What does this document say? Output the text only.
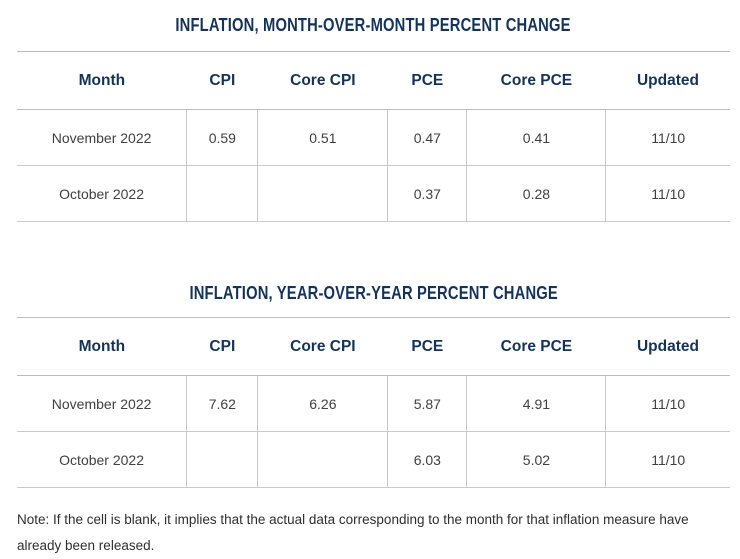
INFLATION, MONTH-OVER-MONTH PERCENT CHANGE
Month	CPI	Core CPI	PCE	Core PCE	Updated
November 2022	0.59	0.51	0.47	0.41	11/10
October 2022			0.37	0.28	11/10
INFLATION, YEAR-OVER-YEAR PERCENT CHANGE
Month	CPI	Core CPI	PCE	Core PCE	Updated
November 2022	7.62	6.26	5.87	4.91	11/10
October 2022			6.03	5.02	11/10

Note: If the cell is blank, it implies that the actual data corresponding to the month for that inflation measure have already been released.
